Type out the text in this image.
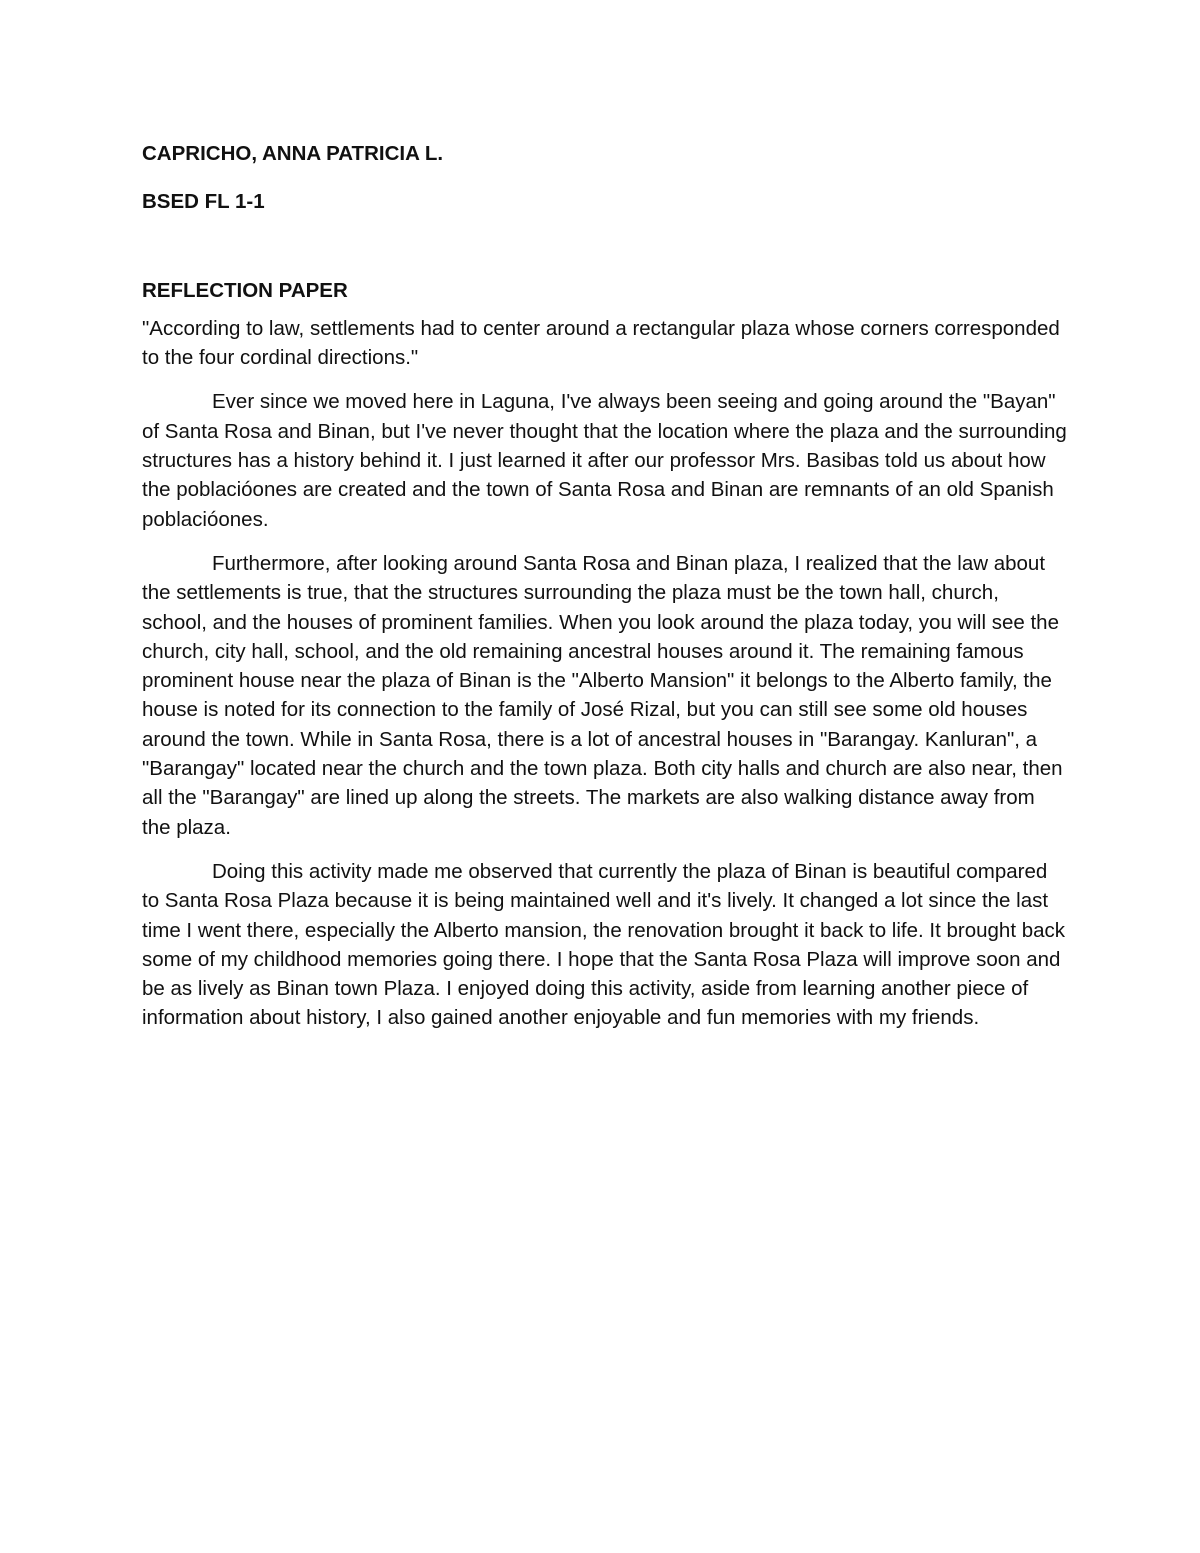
CAPRICHO, ANNA PATRICIA L.

BSED FL 1-1

REFLECTION PAPER

"According to law, settlements had to center around a rectangular plaza whose corners corresponded to the four cordinal directions."

Ever since we moved here in Laguna, I've always been seeing and going around the "Bayan" of Santa Rosa and Binan, but I've never thought that the location where the plaza and the surrounding structures has a history behind it. I just learned it after our professor Mrs. Basibas told us about how the poblacióones are created and the town of Santa Rosa and Binan are remnants of an old Spanish poblacióones.

Furthermore, after looking around Santa Rosa and Binan plaza, I realized that the law about the settlements is true, that the structures surrounding the plaza must be the town hall, church, school, and the houses of prominent families. When you look around the plaza today, you will see the church, city hall, school, and the old remaining ancestral houses around it. The remaining famous prominent house near the plaza of Binan is the "Alberto Mansion" it belongs to the Alberto family, the house is noted for its connection to the family of José Rizal, but you can still see some old houses around the town. While in Santa Rosa, there is a lot of ancestral houses in "Barangay. Kanluran", a "Barangay" located near the church and the town plaza. Both city halls and church are also near, then all the "Barangay" are lined up along the streets. The markets are also walking distance away from the plaza.

Doing this activity made me observed that currently the plaza of Binan is beautiful compared to Santa Rosa Plaza because it is being maintained well and it's lively. It changed a lot since the last time I went there, especially the Alberto mansion, the renovation brought it back to life. It brought back some of my childhood memories going there. I hope that the Santa Rosa Plaza will improve soon and be as lively as Binan town Plaza. I enjoyed doing this activity, aside from learning another piece of information about history, I also gained another enjoyable and fun memories with my friends.
